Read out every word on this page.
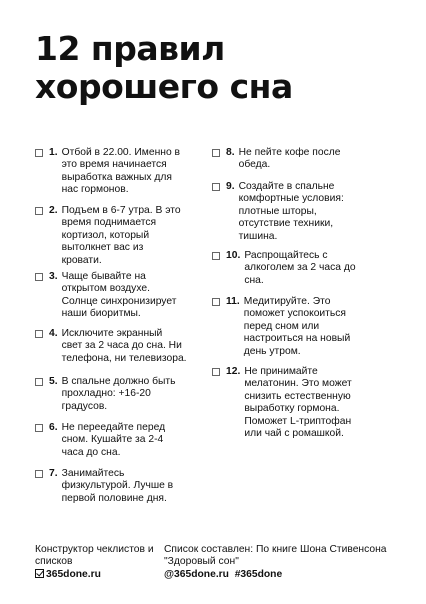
12 правил
хорошего сна
1. Отбой в 22.00. Именно в
это время начинается
выработка важных для
нас гормонов.
2. Подъем в 6-7 утра. В это
время поднимается
кортизол, который
вытолкнет вас из
кровати.
3. Чаще бывайте на
открытом воздухе.
Солнце синхронизирует
наши биоритмы.
4. Исключите экранный
свет за 2 часа до сна. Ни
телефона, ни телевизора.
5. В спальне должно быть
прохладно: +16-20
градусов.
6. Не переедайте перед
сном. Кушайте за 2-4
часа до сна.
7. Занимайтесь
физкультурой. Лучше в
первой половине дня.
8. Не пейте кофе после
обеда.
9. Создайте в спальне
комфортные условия:
плотные шторы,
отсутствие техники,
тишина.
10. Распрощайтесь с
алкоголем за 2 часа до
сна.
11. Медитируйте. Это
поможет успокоиться
перед сном или
настроиться на новый
день утром.
12. Не принимайте
мелатонин. Это может
снизить естественную
выработку гормона.
Поможет L-триптофан
или чай с ромашкой.
Конструктор чеклистов и
списков
365done.ru
Список составлен: По книге Шона Стивенсона
"Здоровый сон"
@365done.ru  #365done
